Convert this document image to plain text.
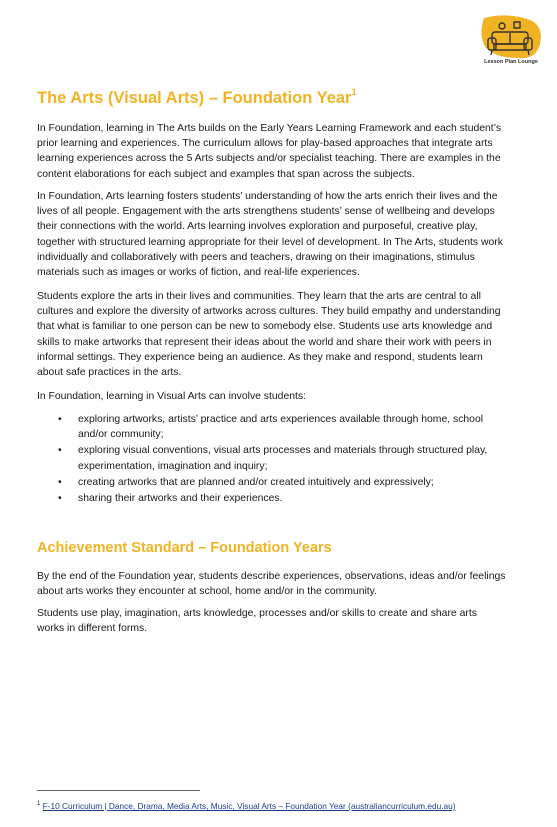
Lesson Plan Lounge
The Arts (Visual Arts) – Foundation Year$^1$

In Foundation, learning in The Arts builds on the Early Years Learning Framework and each student’s
prior learning and experiences. The curriculum allows for play-based approaches that integrate arts
learning experiences across the 5 Arts subjects and/or specialist teaching. There are examples in the
content elaborations for each subject and examples that span across the subjects.

In Foundation, Arts learning fosters students’ understanding of how the arts enrich their lives and the
lives of all people. Engagement with the arts strengthens students’ sense of wellbeing and develops
their connections with the world. Arts learning involves exploration and purposeful, creative play,
together with structured learning appropriate for their level of development. In The Arts, students work
individually and collaboratively with peers and teachers, drawing on their imaginations, stimulus
materials such as images or works of fiction, and real-life experiences.

Students explore the arts in their lives and communities. They learn that the arts are central to all
cultures and explore the diversity of artworks across cultures. They build empathy and understanding
that what is familiar to one person can be new to somebody else. Students use arts knowledge and
skills to make artworks that represent their ideas about the world and share their work with peers in
informal settings. They experience being an audience. As they make and respond, students learn
about safe practices in the arts.

In Foundation, learning in Visual Arts can involve students:

• exploring artworks, artists’ practice and arts experiences available through home, school
and/or community;
• exploring visual conventions, visual arts processes and materials through structured play,
experimentation, imagination and inquiry;
• creating artworks that are planned and/or created intuitively and expressively;
• sharing their artworks and their experiences.
Achievement Standard – Foundation Years

By the end of the Foundation year, students describe experiences, observations, ideas and/or feelings
about arts works they encounter at school, home and/or in the community.

Students use play, imagination, arts knowledge, processes and/or skills to create and share arts
works in different forms.

$^1$ F-10 Curriculum | Dance, Drama, Media Arts, Music, Visual Arts – Foundation Year (australiancurriculum.edu.au)
